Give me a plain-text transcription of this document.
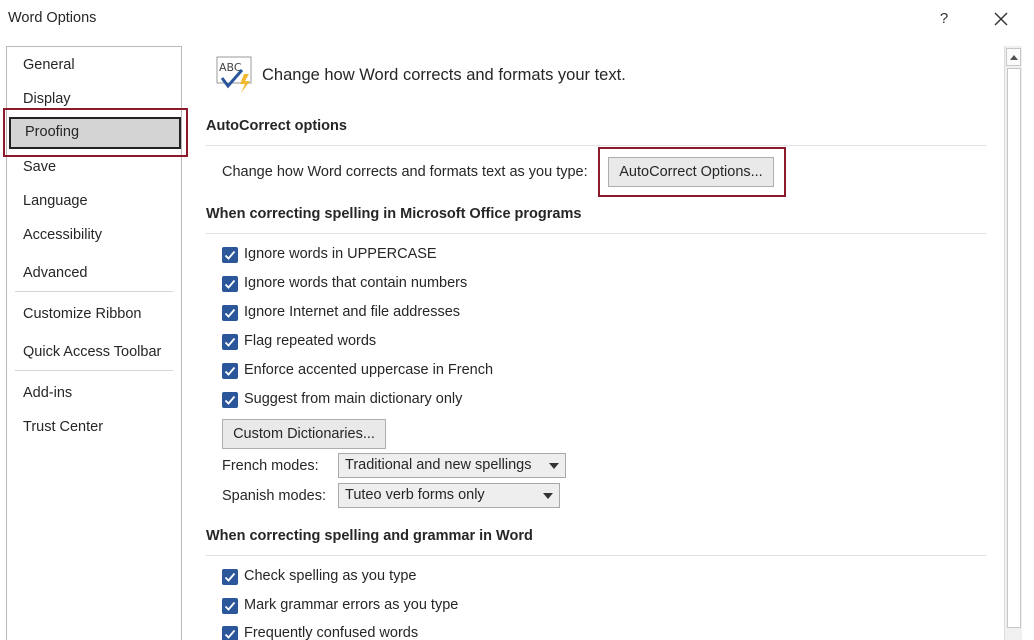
Word Options	?
General
Display
Proofing
Save
Language
Accessibility
Advanced
Customize Ribbon
Quick Access Toolbar
Add-ins
Trust Center
ABC Change how Word corrects and formats your text.
AutoCorrect options
Change how Word corrects and formats text as you type:	AutoCorrect Options...
When correcting spelling in Microsoft Office programs
Ignore words in UPPERCASE
Ignore words that contain numbers
Ignore Internet and file addresses
Flag repeated words
Enforce accented uppercase in French
Suggest from main dictionary only
Custom Dictionaries...
French modes: Traditional and new spellings
Spanish modes: Tuteo verb forms only
When correcting spelling and grammar in Word
Check spelling as you type
Mark grammar errors as you type
Frequently confused words
